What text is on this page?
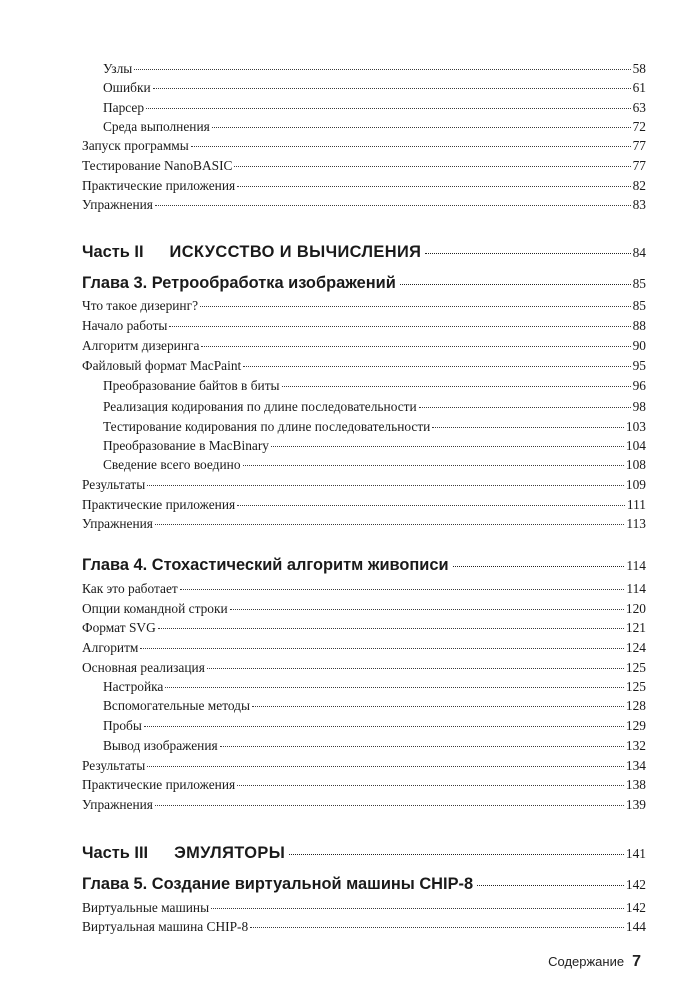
Узлы	58
Ошибки	61
Парсер	63
Среда выполнения	72
Запуск программы	77
Тестирование NanoBASIC	77
Практические приложения	82
Упражнения	83
Часть II ИСКУССТВО И ВЫЧИСЛЕНИЯ	84
Глава 3. Ретрообработка изображений	85
Что такое дизеринг?	85
Начало работы	88
Алгоритм дизеринга	90
Файловый формат MacPaint	95
Преобразование байтов в биты	96
Реализация кодирования по длине последовательности	98
Тестирование кодирования по длине последовательности	103
Преобразование в MacBinary	104
Сведение всего воедино	108
Результаты	109
Практические приложения	111
Упражнения	113
Глава 4. Стохастический алгоритм живописи	114
Как это работает	114
Опции командной строки	120
Формат SVG	121
Алгоритм	124
Основная реализация	125
Настройка	125
Вспомогательные методы	128
Пробы	129
Вывод изображения	132
Результаты	134
Практические приложения	138
Упражнения	139
Часть III ЭМУЛЯТОРЫ	141
Глава 5. Создание виртуальной машины CHIP-8	142
Виртуальные машины	142
Виртуальная машина CHIP-8	144
Содержание 7
